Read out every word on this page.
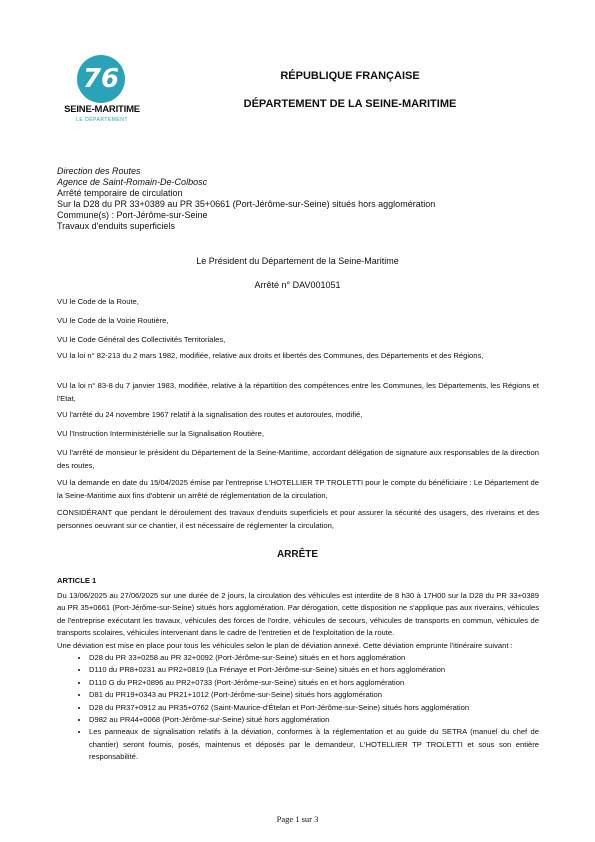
76
SEINE-MARITIME
LE DÉPARTEMENT
RÉPUBLIQUE FRANÇAISE
DÉPARTEMENT DE LA SEINE-MARITIME
Direction des Routes
Agence de Saint-Romain-De-Colbosc
Arrêté temporaire de circulation
Sur la D28 du PR 33+0389 au PR 35+0661 (Port-Jérôme-sur-Seine) situés hors agglomération
Commune(s) : Port-Jérôme-sur-Seine
Travaux d'enduits superficiels
Le Président du Département de la Seine-Maritime
Arrêté n° DAV001051
VU le Code de la Route,
VU le Code de la Voirie Routière,
VU le Code Général des Collectivités Territoriales,
VU la loi n° 82-213 du 2 mars 1982, modifiée, relative aux droits et libertés des Communes, des Départements et des Régions,
VU la loi n° 83-8 du 7 janvier 1983, modifiée, relative à la répartition des compétences entre les Communes, les Départements, les Régions et l'Etat,
VU l'arrêté du 24 novembre 1967 relatif à la signalisation des routes et autoroutes, modifié,
VU l'Instruction Interministérielle sur la Signalisation Routière,
VU l'arrêté de monsieur le président du Département de la Seine-Maritime, accordant délégation de signature aux responsables de la direction des routes,
VU la demande en date du 15/04/2025 émise par l'entreprise L'HOTELLIER TP TROLETTI pour le compte du bénéficiaire : Le Département de la Seine-Maritime aux fins d'obtenir un arrêté de réglementation de la circulation,
CONSIDÉRANT que pendant le déroulement des travaux d'enduits superficiels et pour assurer la sécurité des usagers, des riverains et des personnes oeuvrant sur ce chantier, il est nécessaire de réglementer la circulation,
ARRÊTE
ARTICLE 1
Du 13/06/2025 au 27/06/2025 sur une durée de 2 jours, la circulation des véhicules est interdite de 8 h30 à 17H00 sur la D28 du PR 33+0389 au PR 35+0661 (Port-Jérôme-sur-Seine) situés hors agglomération. Par dérogation, cette disposition ne s'applique pas aux riverains, véhicules de l'entreprise exécutant les travaux, véhicules des forces de l'ordre, véhicules de secours, véhicules de transports en commun, véhicules de transports scolaires, véhicules intervenant dans le cadre de l'entretien et de l'exploitation de la route.
Une déviation est mise en place pour tous les véhicules selon le plan de déviation annexé. Cette déviation emprunte l'itinéraire suivant :
• D28 du PR 33+0258 au PR 32+0092 (Port-Jérôme-sur-Seine) situés en et hors agglomération
• D110 du PR8+0231 au PR2+0819 (La Frénaye et Port-Jérôme-sur-Seine) situés en et hors agglomération
• D110 G du PR2+0896 au PR2+0733 (Port-Jérôme-sur-Seine) situés en et hors agglomération
• D81 du PR19+0343 au PR21+1012 (Port-Jérôme-sur-Seine) situés hors agglomération
• D28 du PR37+0912 au PR35+0762 (Saint-Maurice-d'Ételan et Port-Jérôme-sur-Seine) situés hors agglomération
• D982 au PR44+0068 (Port-Jérôme-sur-Seine) situé hors agglomération
• Les panneaux de signalisation relatifs à la déviation, conformes à la réglementation et au guide du SETRA (manuel du chef de chantier) seront fournis, posés, maintenus et déposés par le demandeur, L'HOTELLIER TP TROLETTI et sous son entière responsabilité.
Page 1 sur 3
